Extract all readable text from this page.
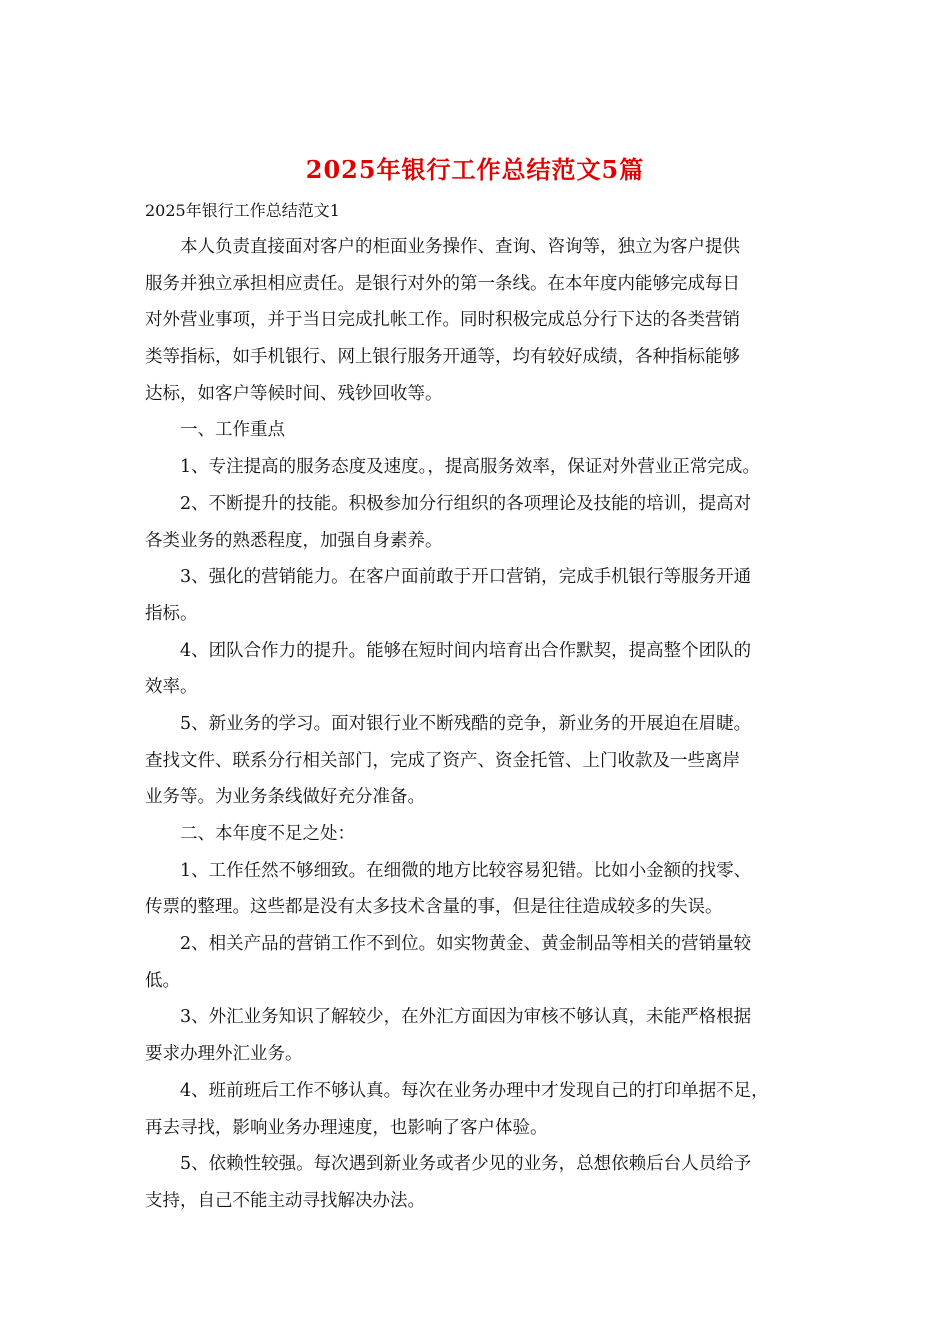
2025年银行工作总结范文5篇
2025年银行工作总结范文1
本人负责直接面对客户的柜面业务操作、查询、咨询等，独立为客户提供
服务并独立承担相应责任。是银行对外的第一条线。在本年度内能够完成每日
对外营业事项，并于当日完成扎帐工作。同时积极完成总分行下达的各类营销
类等指标，如手机银行、网上银行服务开通等，均有较好成绩，各种指标能够
达标，如客户等候时间、残钞回收等。
一、工作重点
1、专注提高的服务态度及速度。，提高服务效率，保证对外营业正常完成。
2、不断提升的技能。积极参加分行组织的各项理论及技能的培训，提高对
各类业务的熟悉程度，加强自身素养。
3、强化的营销能力。在客户面前敢于开口营销，完成手机银行等服务开通
指标。
4、团队合作力的提升。能够在短时间内培育出合作默契，提高整个团队的
效率。
5、新业务的学习。面对银行业不断残酷的竞争，新业务的开展迫在眉睫。
查找文件、联系分行相关部门，完成了资产、资金托管、上门收款及一些离岸
业务等。为业务条线做好充分准备。
二、本年度不足之处：
1、工作任然不够细致。在细微的地方比较容易犯错。比如小金额的找零、
传票的整理。这些都是没有太多技术含量的事，但是往往造成较多的失误。
2、相关产品的营销工作不到位。如实物黄金、黄金制品等相关的营销量较
低。
3、外汇业务知识了解较少，在外汇方面因为审核不够认真，未能严格根据
要求办理外汇业务。
4、班前班后工作不够认真。每次在业务办理中才发现自己的打印单据不足，
再去寻找，影响业务办理速度，也影响了客户体验。
5、依赖性较强。每次遇到新业务或者少见的业务，总想依赖后台人员给予
支持，自己不能主动寻找解决办法。
